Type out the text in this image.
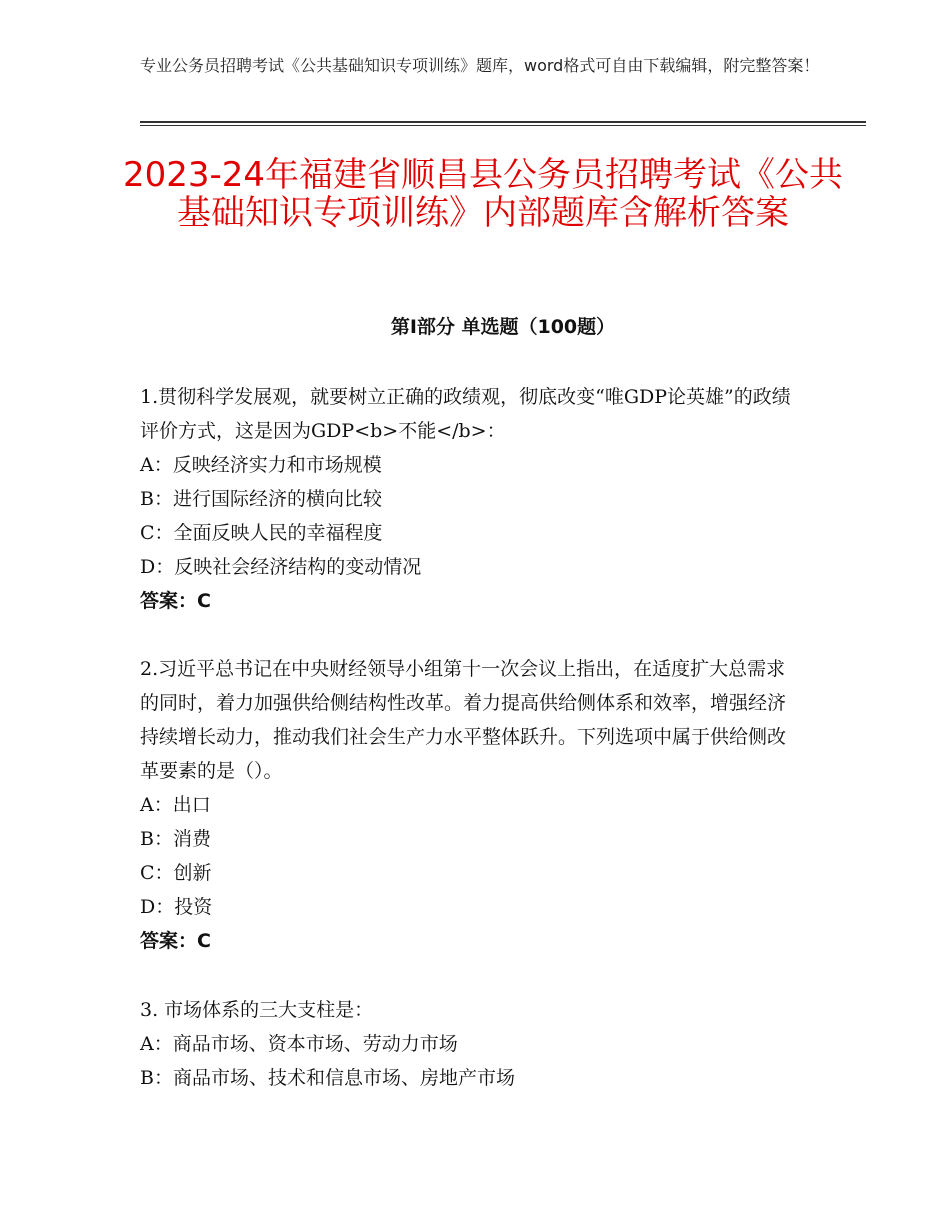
专业公务员招聘考试《公共基础知识专项训练》题库，word格式可自由下载编辑，附完整答案！
2023-24年福建省顺昌县公务员招聘考试《公共基础知识专项训练》内部题库含解析答案
第Ⅰ部分 单选题（100题）
1.贯彻科学发展观，就要树立正确的政绩观，彻底改变“唯GDP论英雄”的政绩评价方式，这是因为GDP<b>不能</b>：
A：反映经济实力和市场规模
B：进行国际经济的横向比较
C：全面反映人民的幸福程度
D：反映社会经济结构的变动情况
答案：C
2.习近平总书记在中央财经领导小组第十一次会议上指出，在适度扩大总需求的同时，着力加强供给侧结构性改革。着力提高供给侧体系和效率，增强经济持续增长动力，推动我们社会生产力水平整体跃升。下列选项中属于供给侧改革要素的是（）。
A：出口
B：消费
C：创新
D：投资
答案：C
3. 市场体系的三大支柱是：
A：商品市场、资本市场、劳动力市场
B：商品市场、技术和信息市场、房地产市场
